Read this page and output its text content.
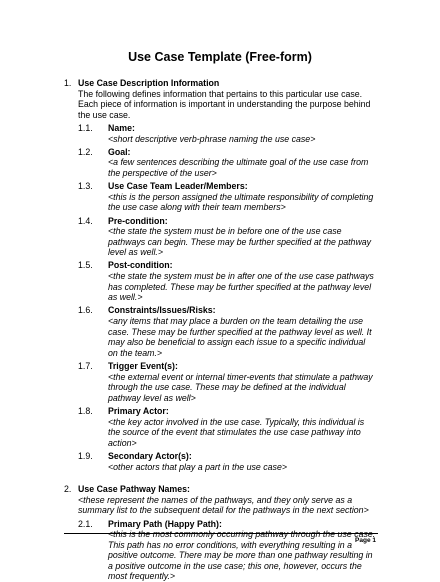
Use Case Template (Free-form)
1. Use Case Description Information
The following defines information that pertains to this particular use case. Each piece of information is important in understanding the purpose behind the use case.
1.1. Name:
<short descriptive verb-phrase naming the use case>
1.2. Goal:
<a few sentences describing the ultimate goal of the use case from the perspective of the user>
1.3. Use Case Team Leader/Members:
<this is the person assigned the ultimate responsibility of completing the use case along with their team members>
1.4. Pre-condition:
<the state the system must be in before one of the use case pathways can begin. These may be further specified at the pathway level as well.>
1.5. Post-condition:
<the state the system must be in after one of the use case pathways has completed. These may be further specified at the pathway level as well.>
1.6. Constraints/Issues/Risks:
<any items that may place a burden on the team detailing the use case. These may be further specified at the pathway level as well. It may also be beneficial to assign each issue to a specific individual on the team.>
1.7. Trigger Event(s):
<the external event or internal timer-events that stimulate a pathway through the use case. These may be defined at the individual pathway level as well>
1.8. Primary Actor:
<the key actor involved in the use case. Typically, this individual is the source of the event that stimulates the use case pathway into action>
1.9. Secondary Actor(s):
<other actors that play a part in the use case>
2. Use Case Pathway Names:
<these represent the names of the pathways, and they only serve as a summary list to the subsequent detail for the pathways in the next section>
2.1. Primary Path (Happy Path):
<this is the most commonly occurring pathway through the use case. This path has no error conditions, with everything resulting in a positive outcome. There may be more than one pathway resulting in a positive outcome in the use case; this one, however, occurs the most frequently.>
Page 1
